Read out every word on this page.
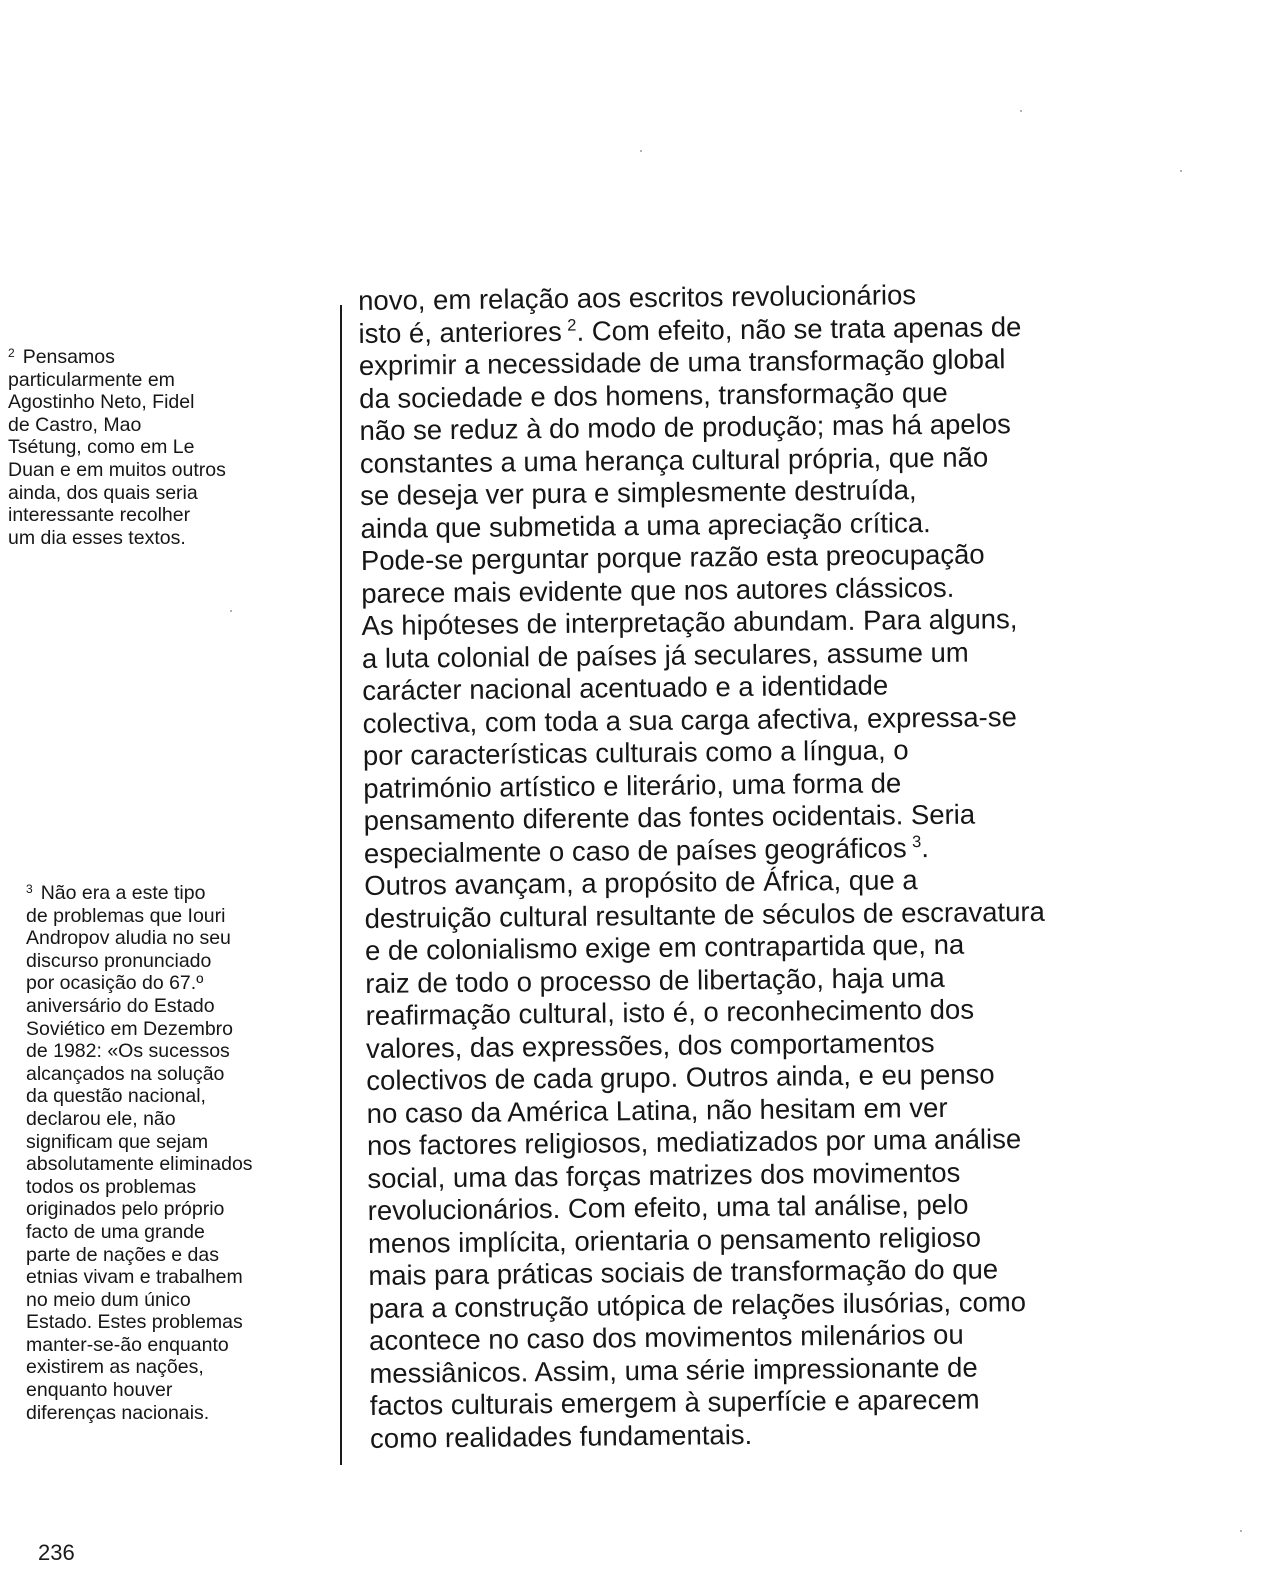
$^2$ Pensamos
particularmente em
Agostinho Neto, Fidel
de Castro, Mao
Tsétung, como em Le
Duan e em muitos outros
ainda, dos quais seria
interessante recolher
um dia esses textos.
$^3$ Não era a este tipo
de problemas que Iouri
Andropov aludia no seu
discurso pronunciado
por ocasição do 67.º
aniversário do Estado
Soviético em Dezembro
de 1982: «Os sucessos
alcançados na solução
da questão nacional,
declarou ele, não
significam que sejam
absolutamente eliminados
todos os problemas
originados pelo próprio
facto de uma grande
parte de nações e das
etnias vivam e trabalhem
no meio dum único
Estado. Estes problemas
manter-se-ão enquanto
existirem as nações,
enquanto houver
diferenças nacionais.
novo, em relação aos escritos revolucionários
isto é, anteriores  $^2$. Com efeito, não se trata apenas de
exprimir a necessidade de uma transformação global
da sociedade e dos homens, transformação que
não se reduz à do modo de produção; mas há apelos
constantes a uma herança cultural própria, que não
se deseja ver pura e simplesmente destruída,
ainda que submetida a uma apreciação crítica.
Pode-se perguntar porque razão esta preocupação
parece mais evidente que nos autores clássicos.
As hipóteses de interpretação abundam. Para alguns,
a luta colonial de países já seculares, assume um
carácter nacional acentuado e a identidade
colectiva, com toda a sua carga afectiva, expressa-se
por características culturais como a língua, o
património artístico e literário, uma forma de
pensamento diferente das fontes ocidentais. Seria
especialmente o caso de países geográficos  $^3$.
Outros avançam, a propósito de África, que a
destruição cultural resultante de séculos de escravatura
e de colonialismo exige em contrapartida que, na
raiz de todo o processo de libertação, haja uma
reafirmação cultural, isto é, o reconhecimento dos
valores, das expressões, dos comportamentos
colectivos de cada grupo. Outros ainda, e eu penso
no caso da América Latina, não hesitam em ver
nos factores religiosos, mediatizados por uma análise
social, uma das forças matrizes dos movimentos
revolucionários. Com efeito, uma tal análise, pelo
menos implícita, orientaria o pensamento religioso
mais para práticas sociais de transformação do que
para a construção utópica de relações ilusórias, como
acontece no caso dos movimentos milenários ou
messiânicos. Assim, uma série impressionante de
factos culturais emergem à superfície e aparecem
como realidades fundamentais.
236
